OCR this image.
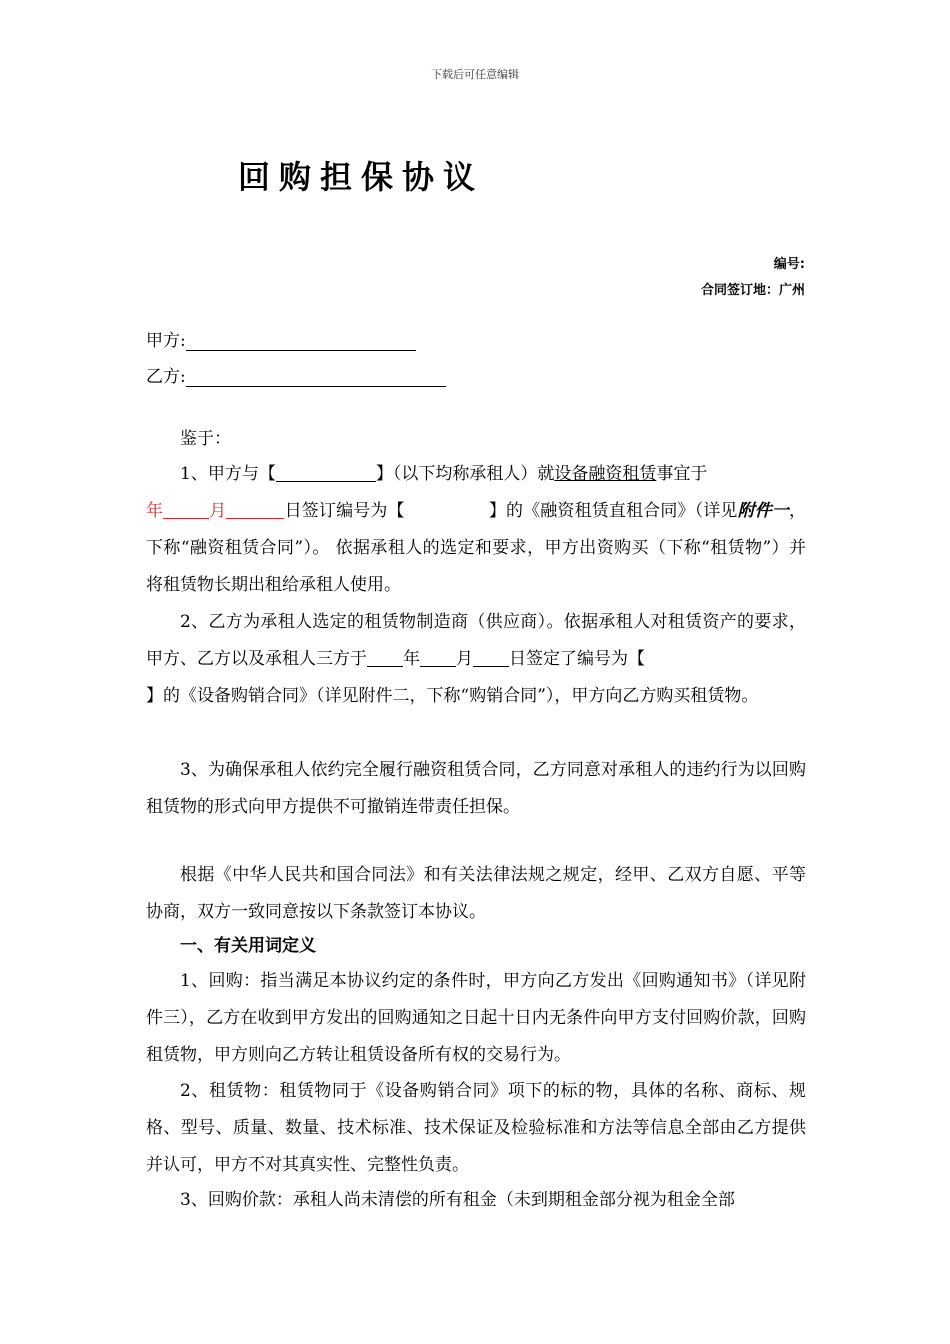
下载后可任意编辑
回购担保协议
编号:
合同签订地：广州
甲方:
乙方:
鉴于：
1、甲方与【	】（以下均称承租人）就设备融资租赁事宜于
年	月	日签订编号为【	】的《融资租赁直租合同》（详见附件一，下称“融资租赁合同”）。 依据承租人的选定和要求，甲方出资购买（下称“租赁物”）并将租赁物长期出租给承租人使用。
2、乙方为承租人选定的租赁物制造商（供应商）。依据承租人对租赁资产的要求，甲方、乙方以及承租人三方于 年 月 日签定了编号为【
】的《设备购销合同》（详见附件二，下称“购销合同”），甲方向乙方购买租赁物。
3、为确保承租人依约完全履行融资租赁合同，乙方同意对承租人的违约行为以回购租赁物的形式向甲方提供不可撤销连带责任担保。
根据《中华人民共和国合同法》和有关法律法规之规定，经甲、乙双方自愿、平等协商，双方一致同意按以下条款签订本协议。
一、有关用词定义
1、回购：指当满足本协议约定的条件时，甲方向乙方发出《回购通知书》（详见附件三），乙方在收到甲方发出的回购通知之日起十日内无条件向甲方支付回购价款，回购租赁物，甲方则向乙方转让租赁设备所有权的交易行为。
2、租赁物：租赁物同于《设备购销合同》项下的标的物，具体的名称、商标、规格、型号、质量、数量、技术标准、技术保证及检验标准和方法等信息全部由乙方提供并认可，甲方不对其真实性、完整性负责。
3、回购价款：承租人尚未清偿的所有租金（未到期租金部分视为租金全部
